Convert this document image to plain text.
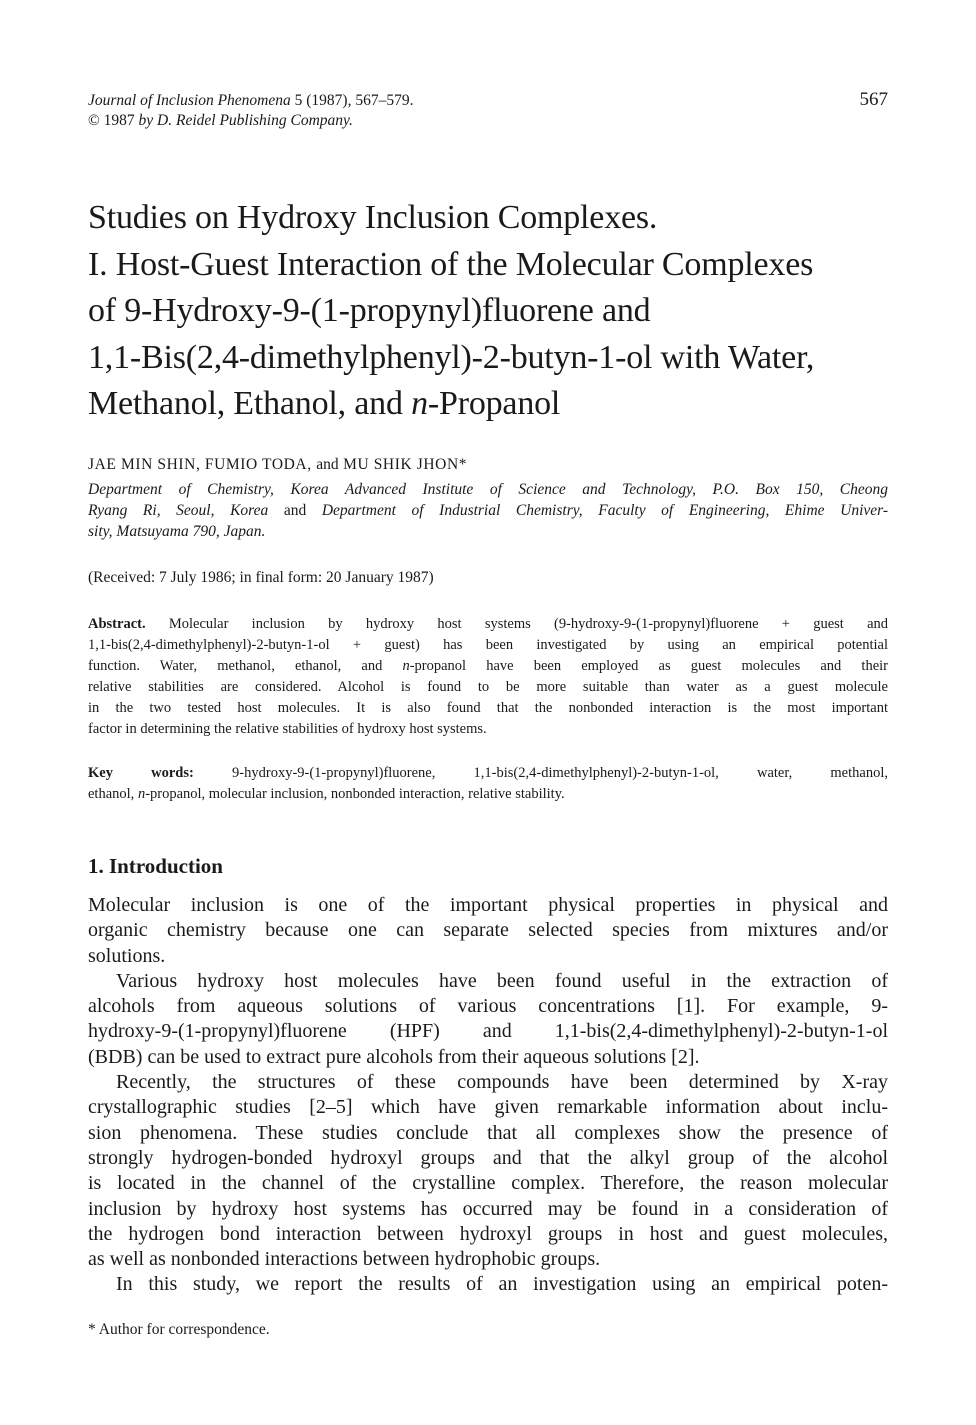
Journal of Inclusion Phenomena 5 (1987), 567–579.
© 1987 by D. Reidel Publishing Company.
567
Studies on Hydroxy Inclusion Complexes.
I. Host-Guest Interaction of the Molecular Complexes
of 9-Hydroxy-9-(1-propynyl)fluorene and
1,1-Bis(2,4-dimethylphenyl)-2-butyn-1-ol with Water,
Methanol, Ethanol, and n-Propanol
JAE MIN SHIN, FUMIO TODA, and MU SHIK JHON*
Department of Chemistry, Korea Advanced Institute of Science and Technology, P.O. Box 150, Cheong
Ryang Ri, Seoul, Korea and Department of Industrial Chemistry, Faculty of Engineering, Ehime Univer-
sity, Matsuyama 790, Japan.
(Received: 7 July 1986; in final form: 20 January 1987)
Abstract. Molecular inclusion by hydroxy host systems (9-hydroxy-9-(1-propynyl)fluorene + guest and
1,1-bis(2,4-dimethylphenyl)-2-butyn-1-ol + guest) has been investigated by using an empirical potential
function. Water, methanol, ethanol, and n-propanol have been employed as guest molecules and their
relative stabilities are considered. Alcohol is found to be more suitable than water as a guest molecule
in the two tested host molecules. It is also found that the nonbonded interaction is the most important
factor in determining the relative stabilities of hydroxy host systems.
Key words:	9-hydroxy-9-(1-propynyl)fluorene, 1,1-bis(2,4-dimethylphenyl)-2-butyn-1-ol, water, methanol,
ethanol, n-propanol, molecular inclusion, nonbonded interaction, relative stability.
1. Introduction
Molecular inclusion is one of the important physical properties in physical and
organic chemistry because one can separate selected species from mixtures and/or
solutions.
Various hydroxy host molecules have been found useful in the extraction of
alcohols from aqueous solutions of various concentrations [1]. For example, 9-
hydroxy-9-(1-propynyl)fluorene (HPF) and 1,1-bis(2,4-dimethylphenyl)-2-butyn-1-ol
(BDB) can be used to extract pure alcohols from their aqueous solutions [2].
Recently, the structures of these compounds have been determined by X-ray
crystallographic studies [2–5] which have given remarkable information about inclu-
sion phenomena. These studies conclude that all complexes show the presence of
strongly hydrogen-bonded hydroxyl groups and that the alkyl group of the alcohol
is located in the channel of the crystalline complex. Therefore, the reason molecular
inclusion by hydroxy host systems has occurred may be found in a consideration of
the hydrogen bond interaction between hydroxyl groups in host and guest molecules,
as well as nonbonded interactions between hydrophobic groups.
In this study, we report the results of an investigation using an empirical poten-
* Author for correspondence.
